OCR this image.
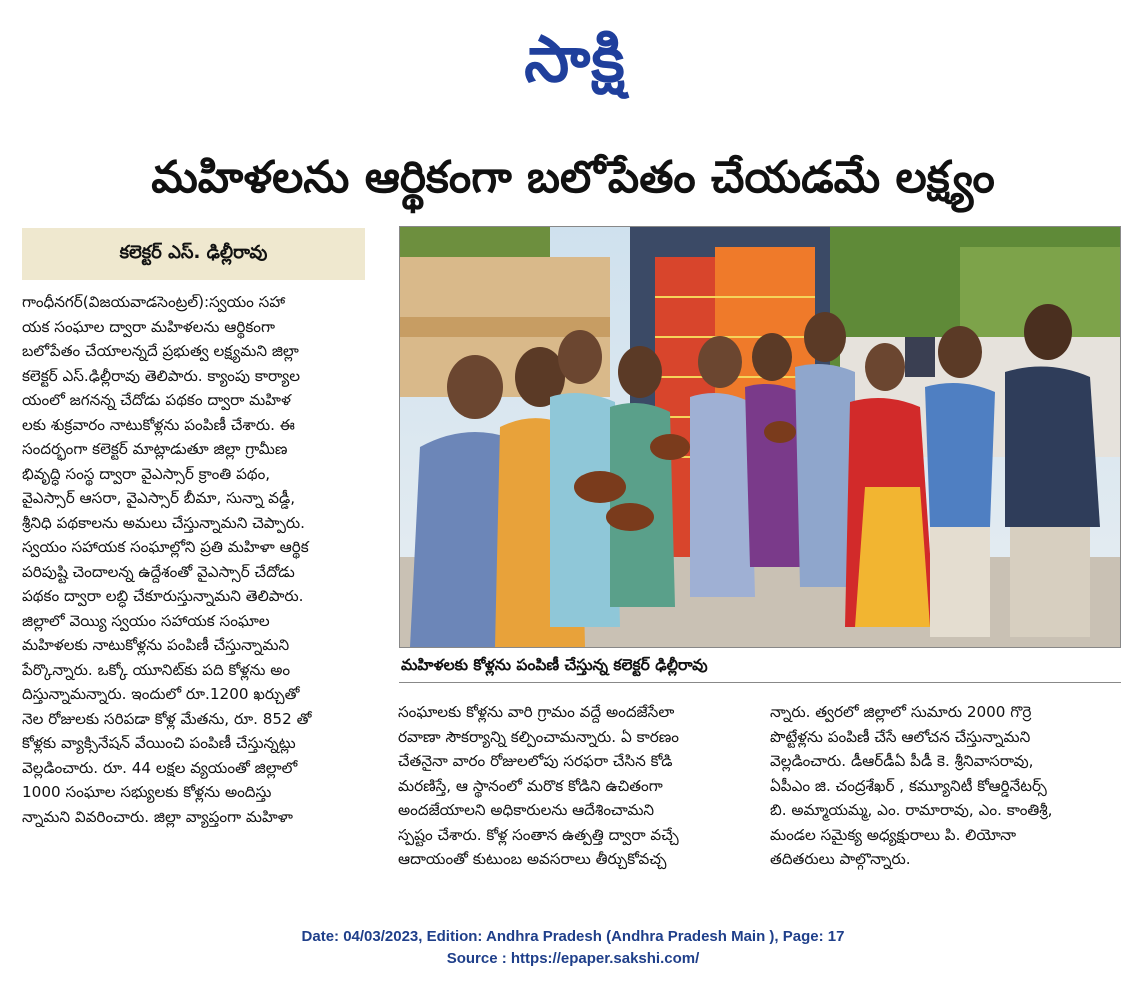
సాక్షి
మహిళలను ఆర్థికంగా బలోపేతం చేయడమే లక్ష్యం
కలెక్టర్ ఎస్. ఢిల్లీరావు
గాంధీనగర్(విజయవాడసెంట్రల్):స్వయం సహా
యక సంఘాల ద్వారా మహిళలను ఆర్థికంగా
బలోపేతం చేయాలన్నదే ప్రభుత్వ లక్ష్యమని జిల్లా
కలెక్టర్ ఎస్.ఢిల్లీరావు తెలిపారు. క్యాంపు కార్యాల
యంలో జగనన్న చేదోడు పథకం ద్వారా మహిళ
లకు శుక్రవారం నాటుకోళ్లను పంపిణీ చేశారు. ఈ
సందర్భంగా కలెక్టర్ మాట్లాడుతూ జిల్లా గ్రామీణ
భివృద్ధి సంస్థ ద్వారా వైఎస్సార్ క్రాంతి పథం,
వైఎస్సార్ ఆసరా, వైఎస్సార్ బీమా, సున్నా వడ్డీ,
శ్రీనిధి పథకాలను అమలు చేస్తున్నామని చెప్పారు.
స్వయం సహాయక సంఘాల్లోని ప్రతి మహిళా ఆర్థిక
పరిపుష్టి చెందాలన్న ఉద్దేశంతో వైఎస్సార్ చేదోడు
పథకం ద్వారా లబ్ధి చేకూరుస్తున్నామని తెలిపారు.
జిల్లాలో వెయ్యి స్వయం సహాయక సంఘాల
మహిళలకు నాటుకోళ్లను పంపిణీ చేస్తున్నామని
పేర్కొన్నారు. ఒక్కో యూనిట్‌కు పది కోళ్లను అం
దిస్తున్నామన్నారు. ఇందులో రూ.1200 ఖర్చుతో
నెల రోజులకు సరిపడా కోళ్ల మేతను, రూ. 852 తో
కోళ్లకు వ్యాక్సినేషన్ వేయించి పంపిణీ చేస్తున్నట్లు
వెల్లడించారు. రూ. 44 లక్షల వ్యయంతో జిల్లాలో
1000 సంఘాల సభ్యులకు కోళ్లను అందిస్తు
న్నామని వివరించారు. జిల్లా వ్యాప్తంగా మహిళా
మహిళలకు కోళ్లను పంపిణీ చేస్తున్న కలెక్టర్ ఢిల్లీరావు
సంఘాలకు కోళ్లను వారి గ్రామం వద్దే అందజేసేలా
రవాణా సౌకర్యాన్ని కల్పించామన్నారు. ఏ కారణం
చేతనైనా వారం రోజులలోపు సరఫరా చేసిన కోడి
మరణిస్తే, ఆ స్థానంలో మరొక కోడిని ఉచితంగా
అందజేయాలని అధికారులను ఆదేశించామని
స్పష్టం చేశారు. కోళ్ల సంతాన ఉత్పత్తి ద్వారా వచ్చే
ఆదాయంతో కుటుంబ అవసరాలు తీర్చుకోవచ్చ
న్నారు. త్వరలో జిల్లాలో సుమారు 2000 గొర్రె
పొట్టేళ్లను పంపిణీ చేసే ఆలోచన చేస్తున్నామని
వెల్లడించారు. డీఆర్‌డీఏ పీడీ కె. శ్రీనివాసరావు,
ఏపీఎం జి. చంద్రశేఖర్ , కమ్యూనిటీ కోఆర్డినేటర్స్
బి. అమ్మాయమ్మ, ఎం. రామారావు, ఎం. కాంతిశ్రీ,
మండల సమైక్య అధ్యక్షురాలు పి. లియోనా
తదితరులు పాల్గొన్నారు.
Date: 04/03/2023, Edition: Andhra Pradesh (Andhra Pradesh Main ), Page: 17
Source : https://epaper.sakshi.com/
